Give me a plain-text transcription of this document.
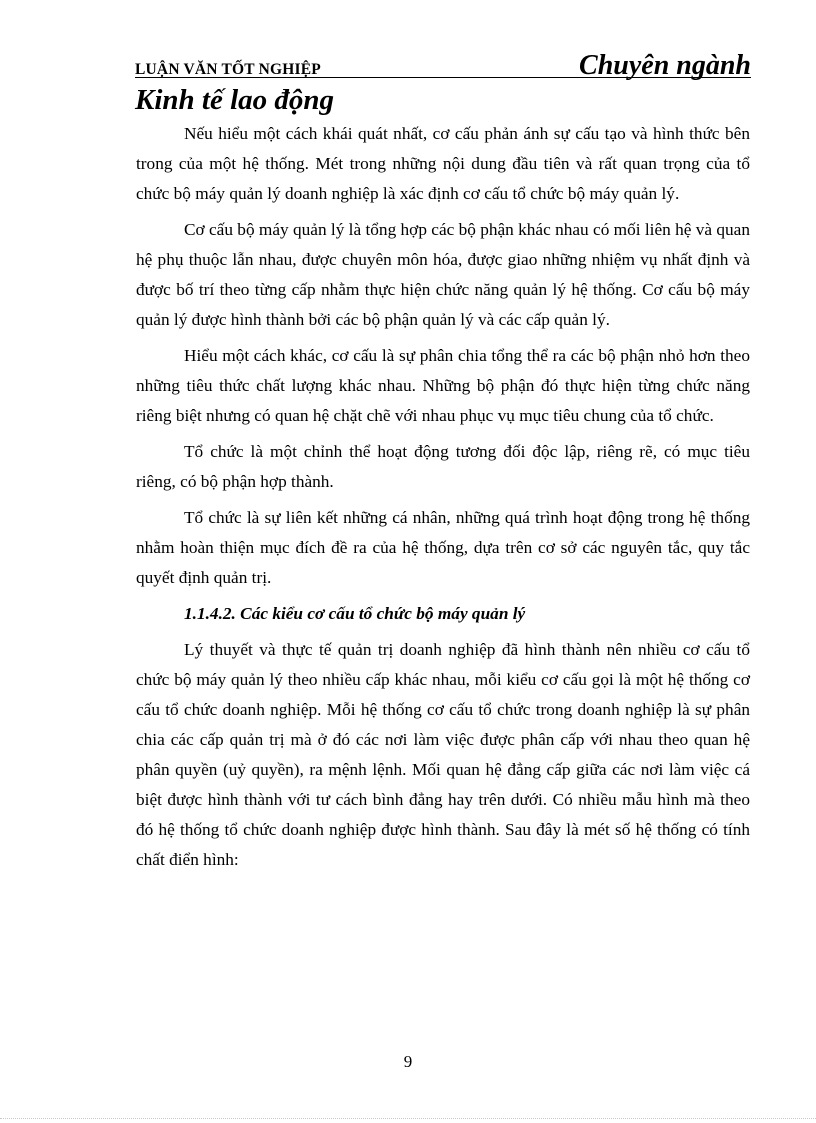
LUẬN VĂN TỐT NGHIỆP	Chuyên ngành
Kinh tế lao động

Nếu hiểu một cách khái quát nhất, cơ cấu phản ánh sự cấu tạo và hình thức bên trong của một hệ thống. Mét trong những nội dung đầu tiên và rất quan trọng của tổ chức bộ máy quản lý doanh nghiệp là xác định cơ cấu tổ chức bộ máy quản lý.

Cơ cấu bộ máy quản lý là tổng hợp các bộ phận khác nhau có mối liên hệ và quan hệ phụ thuộc lẫn nhau, được chuyên môn hóa, được giao những nhiệm vụ nhất định và được bố trí theo từng cấp nhằm thực hiện chức năng quản lý hệ thống. Cơ cấu bộ máy quản lý được hình thành bởi các bộ phận quản lý và các cấp quản lý.

Hiểu một cách khác, cơ cấu là sự phân chia tổng thể ra các bộ phận nhỏ hơn theo những tiêu thức chất lượng khác nhau. Những bộ phận đó thực hiện từng chức năng riêng biệt nhưng có quan hệ chặt chẽ với nhau phục vụ mục tiêu chung của tổ chức.

Tổ chức là một chỉnh thể hoạt động tương đối độc lập, riêng rẽ, có mục tiêu riêng, có bộ phận hợp thành.

Tổ chức là sự liên kết những cá nhân, những quá trình hoạt động trong hệ thống nhằm hoàn thiện mục đích đề ra của hệ thống, dựa trên cơ sở các nguyên tắc, quy tắc quyết định quản trị.

1.1.4.2. Các kiểu cơ cấu tổ chức bộ máy quản lý

Lý thuyết và thực tế quản trị doanh nghiệp đã hình thành nên nhiều cơ cấu tổ chức bộ máy quản lý theo nhiều cấp khác nhau, mỗi kiểu cơ cấu gọi là một hệ thống cơ cấu tổ chức doanh nghiệp. Mỗi hệ thống cơ cấu tổ chức trong doanh nghiệp là sự phân chia các cấp quản trị mà ở đó các nơi làm việc được phân cấp với nhau theo quan hệ phân quyền (uỷ quyền), ra mệnh lệnh. Mối quan hệ đẳng cấp giữa các nơi làm việc cá biệt được hình thành với tư cách bình đẳng hay trên dưới. Có nhiều mẫu hình mà theo đó hệ thống tổ chức doanh nghiệp được hình thành. Sau đây là mét số hệ thống có tính chất điển hình:

9
